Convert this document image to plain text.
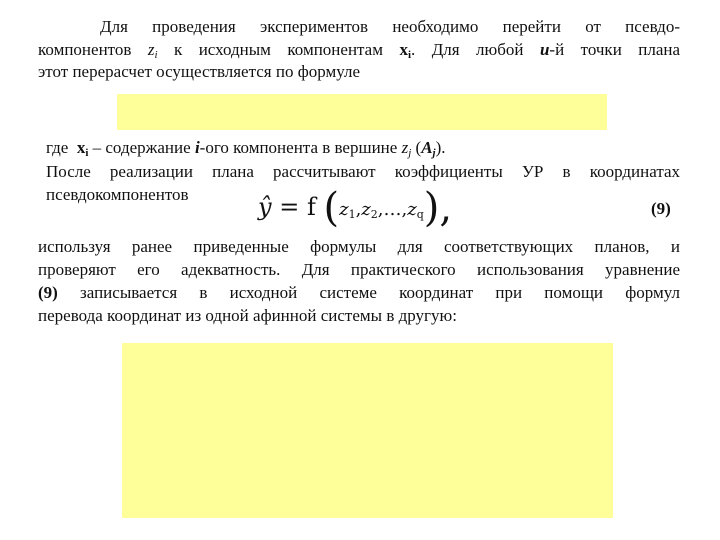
Для проведения экспериментов необходимо перейти от псевдо-
компонентов $z_i$ к исходным компонентам $x_i$. Для любой u-й точки плана
этот перерасчет осуществляется по формуле
где $x_i$ – содержание i-ого компонента в вершине $z_j$ $(A_j)$.
После реализации плана рассчитывают коэффициенты УР в координатах
псевдокомпонентов	ŷ = f $(z_1,z_2,\dots,z_q)$,	(9)
используя ранее приведенные формулы для соответствующих планов, и
проверяют его адекватность. Для практического использования уравнение
(9) записывается в исходной системе координат при помощи формул
перевода координат из одной афинной системы в другую:
